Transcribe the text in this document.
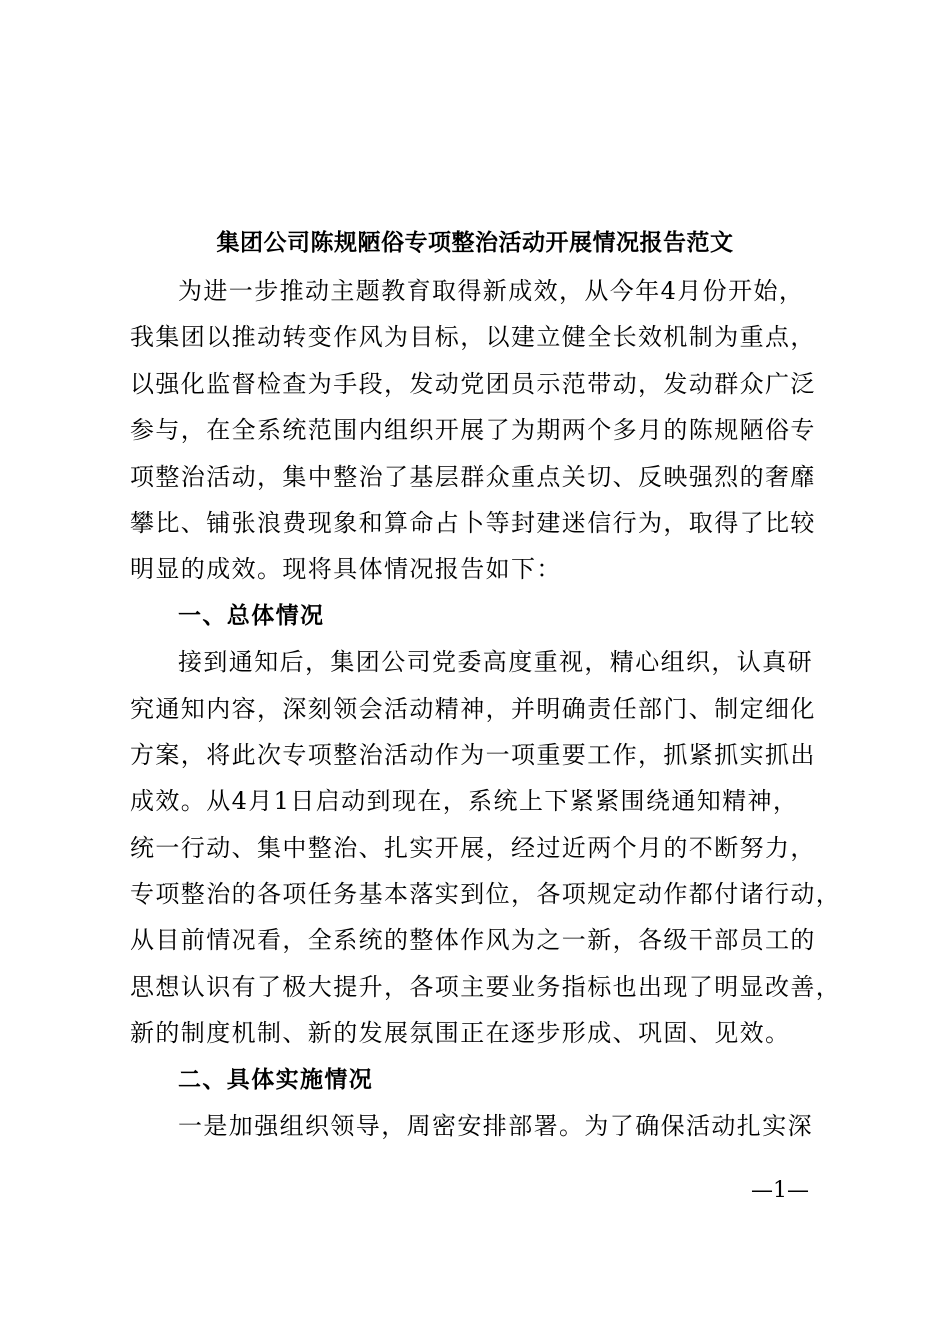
集团公司陈规陋俗专项整治活动开展情况报告范文
为进一步推动主题教育取得新成效，从今年4月份开始，
我集团以推动转变作风为目标，以建立健全长效机制为重点，
以强化监督检查为手段，发动党团员示范带动，发动群众广泛
参与，在全系统范围内组织开展了为期两个多月的陈规陋俗专
项整治活动，集中整治了基层群众重点关切、反映强烈的奢靡
攀比、铺张浪费现象和算命占卜等封建迷信行为，取得了比较
明显的成效。现将具体情况报告如下：
一、总体情况
接到通知后，集团公司党委高度重视，精心组织，认真研
究通知内容，深刻领会活动精神，并明确责任部门、制定细化
方案，将此次专项整治活动作为一项重要工作，抓紧抓实抓出
成效。从4月1日启动到现在，系统上下紧紧围绕通知精神，
统一行动、集中整治、扎实开展，经过近两个月的不断努力，
专项整治的各项任务基本落实到位，各项规定动作都付诸行动，
从目前情况看，全系统的整体作风为之一新，各级干部员工的
思想认识有了极大提升，各项主要业务指标也出现了明显改善，
新的制度机制、新的发展氛围正在逐步形成、巩固、见效。
二、具体实施情况
一是加强组织领导，周密安排部署。为了确保活动扎实深
—1—
